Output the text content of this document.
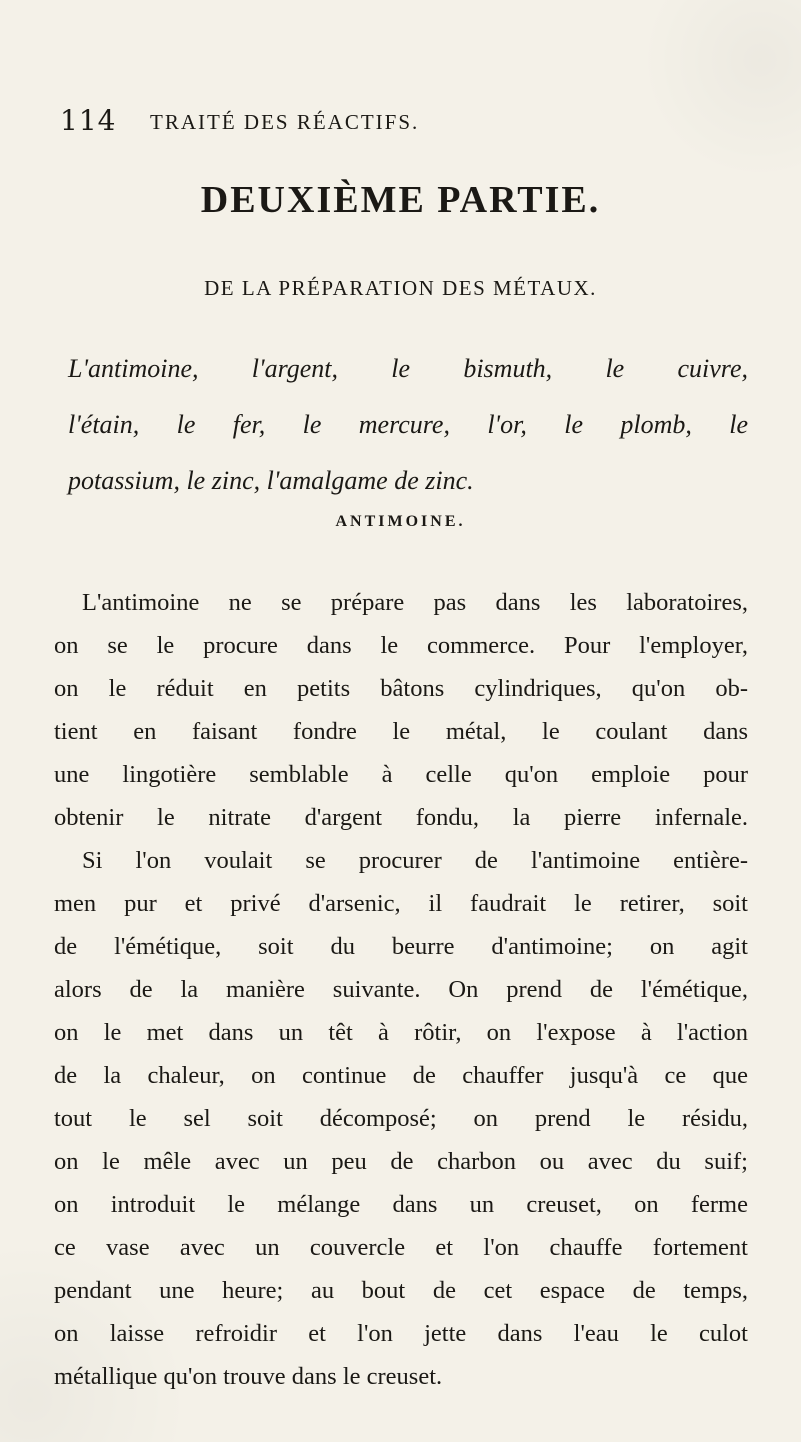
114 TRAITÉ DES RÉACTIFS.
DEUXIÈME PARTIE.
DE LA PRÉPARATION DES MÉTAUX.
L'antimoine, l'argent, le bismuth, le cuivre,
l'étain, le fer, le mercure, l'or, le plomb, le
potassium, le zinc, l'amalgame de zinc.
ANTIMOINE.
L'antimoine ne se prépare pas dans les laboratoires,
on se le procure dans le commerce. Pour l'employer,
on le réduit en petits bâtons cylindriques, qu'on ob-
tient en faisant fondre le métal, le coulant dans
une lingotière semblable à celle qu'on emploie pour
obtenir le nitrate d'argent fondu, la pierre infernale.
Si l'on voulait se procurer de l'antimoine entière-
men pur et privé d'arsenic, il faudrait le retirer, soit
de l'émétique, soit du beurre d'antimoine; on agit
alors de la manière suivante. On prend de l'émétique,
on le met dans un têt à rôtir, on l'expose à l'action
de la chaleur, on continue de chauffer jusqu'à ce que
tout le sel soit décomposé; on prend le résidu,
on le mêle avec un peu de charbon ou avec du suif;
on introduit le mélange dans un creuset, on ferme
ce vase avec un couvercle et l'on chauffe fortement
pendant une heure; au bout de cet espace de temps,
on laisse refroidir et l'on jette dans l'eau le culot
métallique qu'on trouve dans le creuset.
